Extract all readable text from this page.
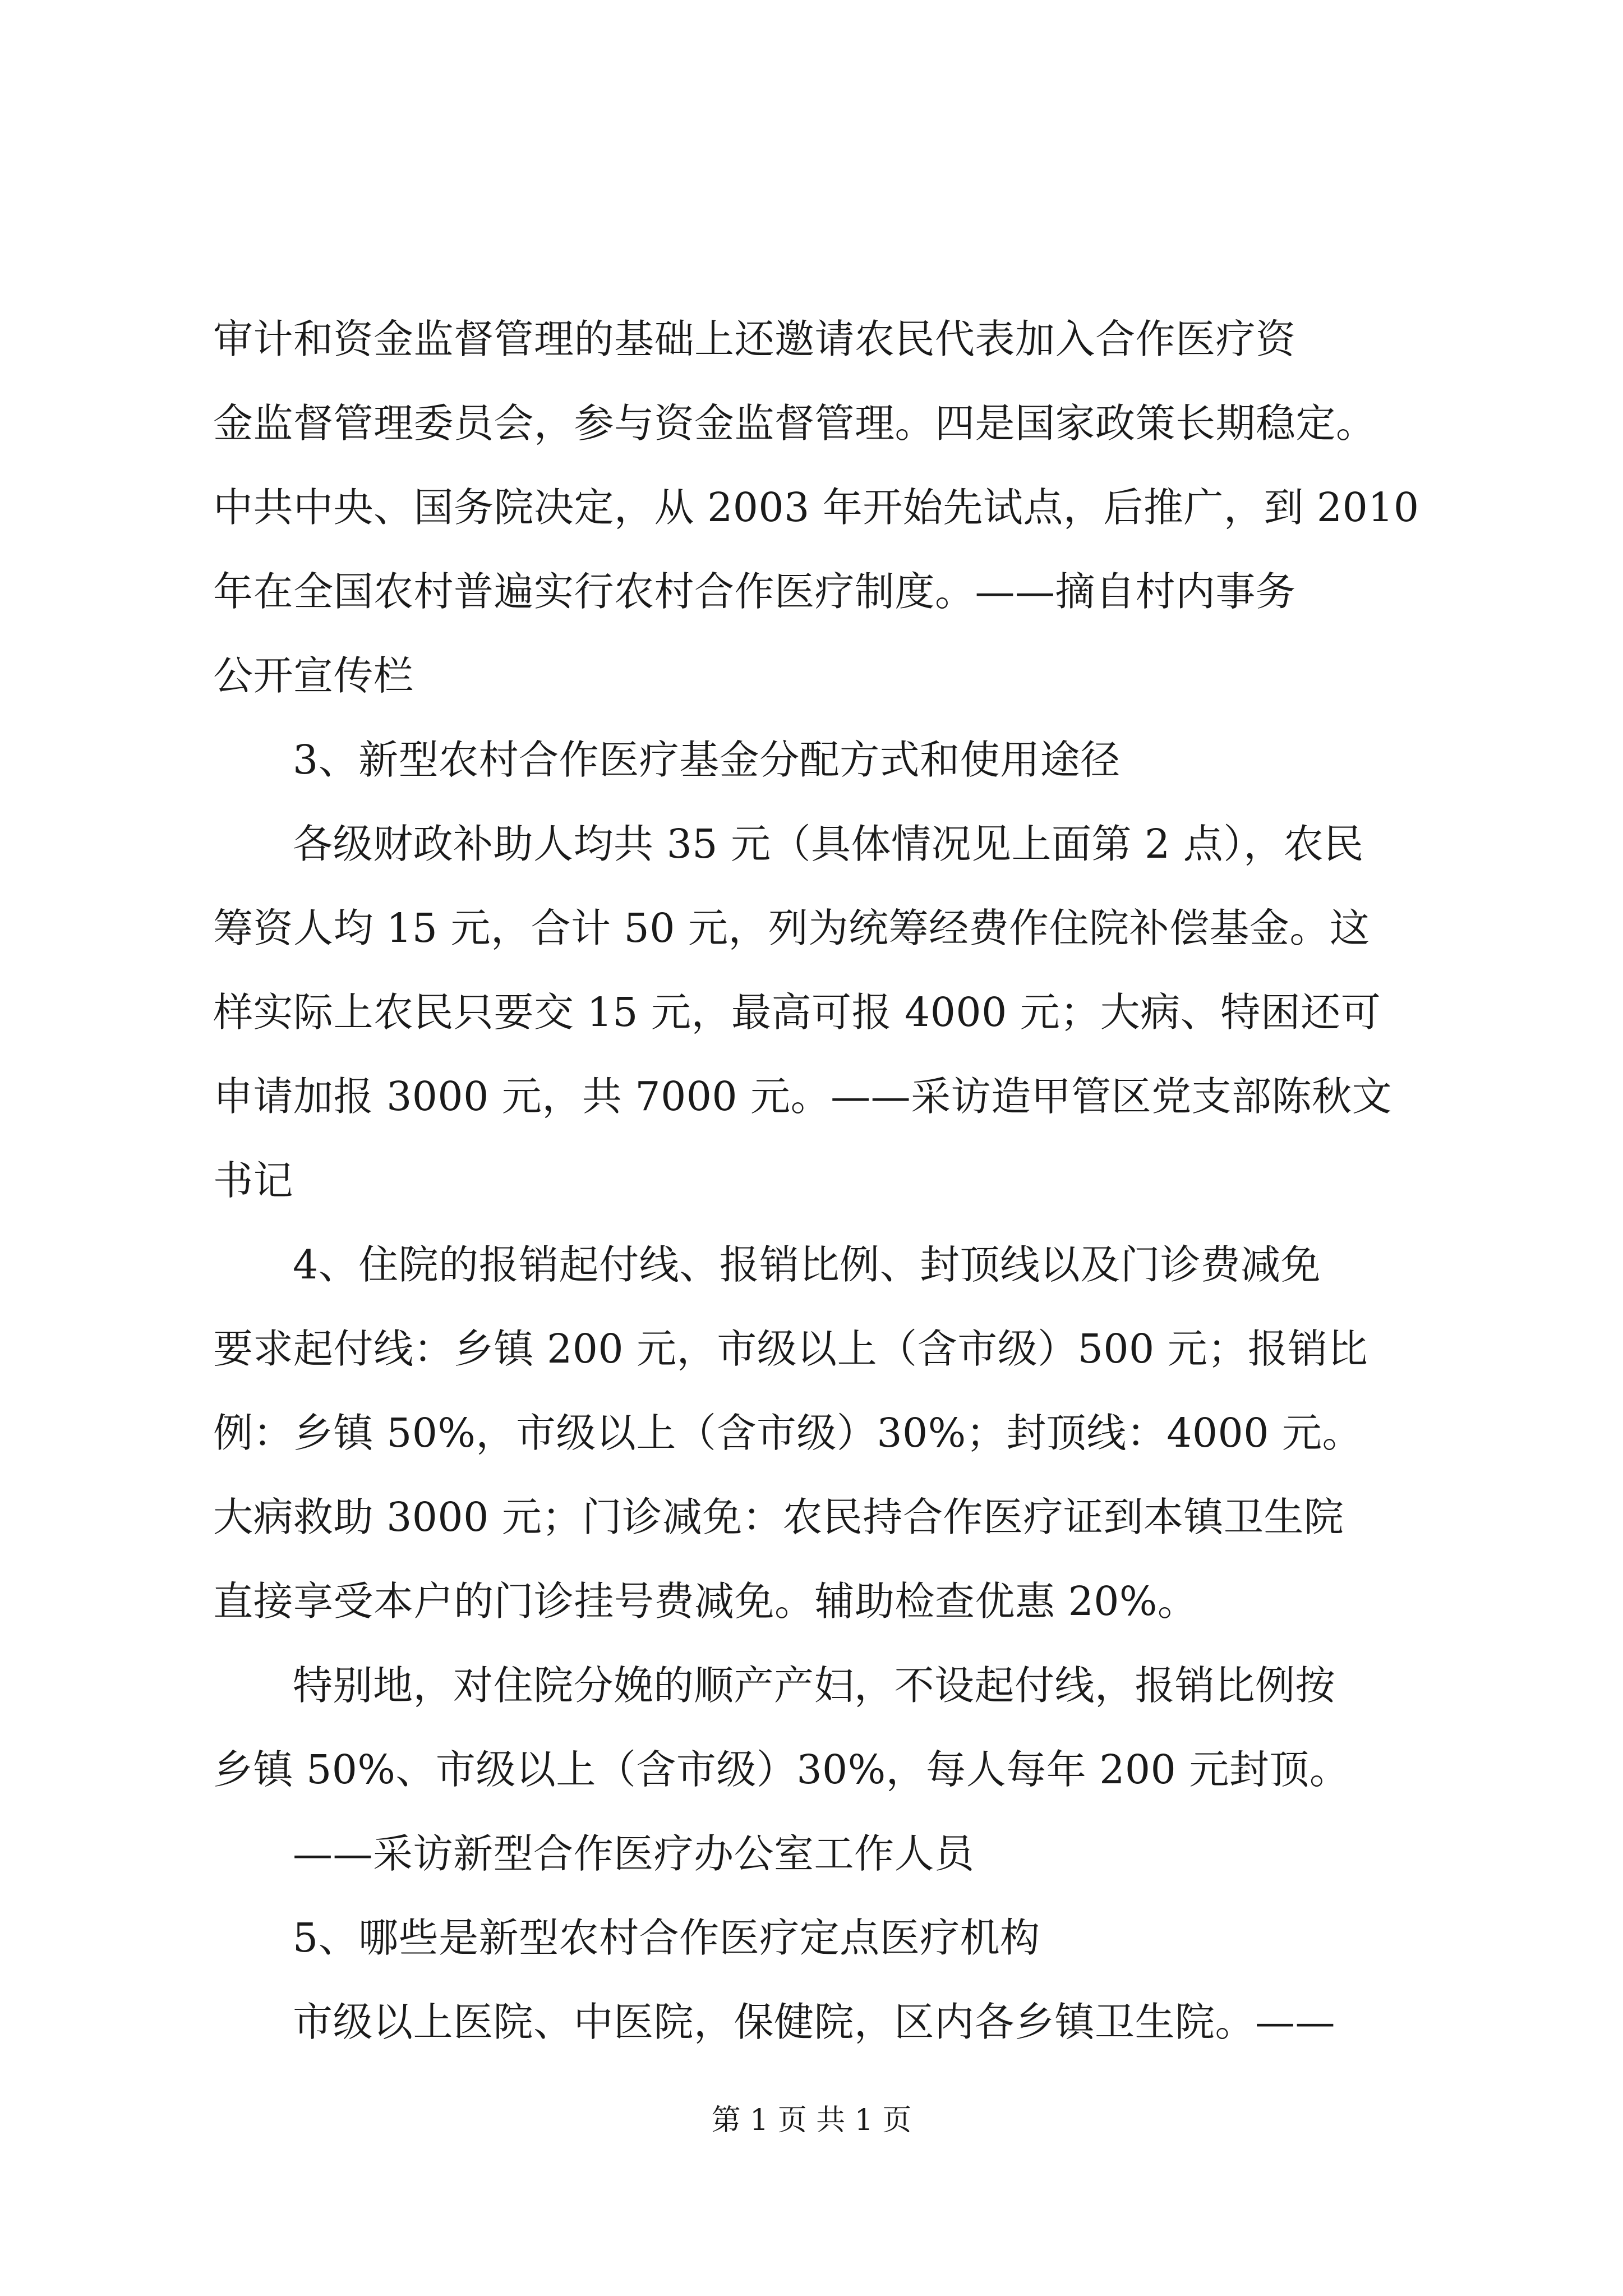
审计和资金监督管理的基础上还邀请农民代表加入合作医疗资
金监督管理委员会，参与资金监督管理。四是国家政策长期稳定。
中共中央、国务院决定，从 2003 年开始先试点，后推广，到 2010
年在全国农村普遍实行农村合作医疗制度。——摘自村内事务
公开宣传栏
3、新型农村合作医疗基金分配方式和使用途径
各级财政补助人均共 35 元（具体情况见上面第 2 点），农民
筹资人均 15 元，合计 50 元，列为统筹经费作住院补偿基金。这
样实际上农民只要交 15 元，最高可报 4000 元；大病、特困还可
申请加报 3000 元，共 7000 元。——采访造甲管区党支部陈秋文
书记
4、住院的报销起付线、报销比例、封顶线以及门诊费减免
要求起付线：乡镇 200 元，市级以上（含市级）500 元；报销比
例：乡镇 50%，市级以上（含市级）30%；封顶线：4000 元。
大病救助 3000 元；门诊减免：农民持合作医疗证到本镇卫生院
直接享受本户的门诊挂号费减免。辅助检查优惠 20%。
特别地，对住院分娩的顺产产妇，不设起付线，报销比例按
乡镇 50%、市级以上（含市级）30%，每人每年 200 元封顶。
——采访新型合作医疗办公室工作人员
5、哪些是新型农村合作医疗定点医疗机构
市级以上医院、中医院，保健院，区内各乡镇卫生院。——
第 1 页 共 1 页
